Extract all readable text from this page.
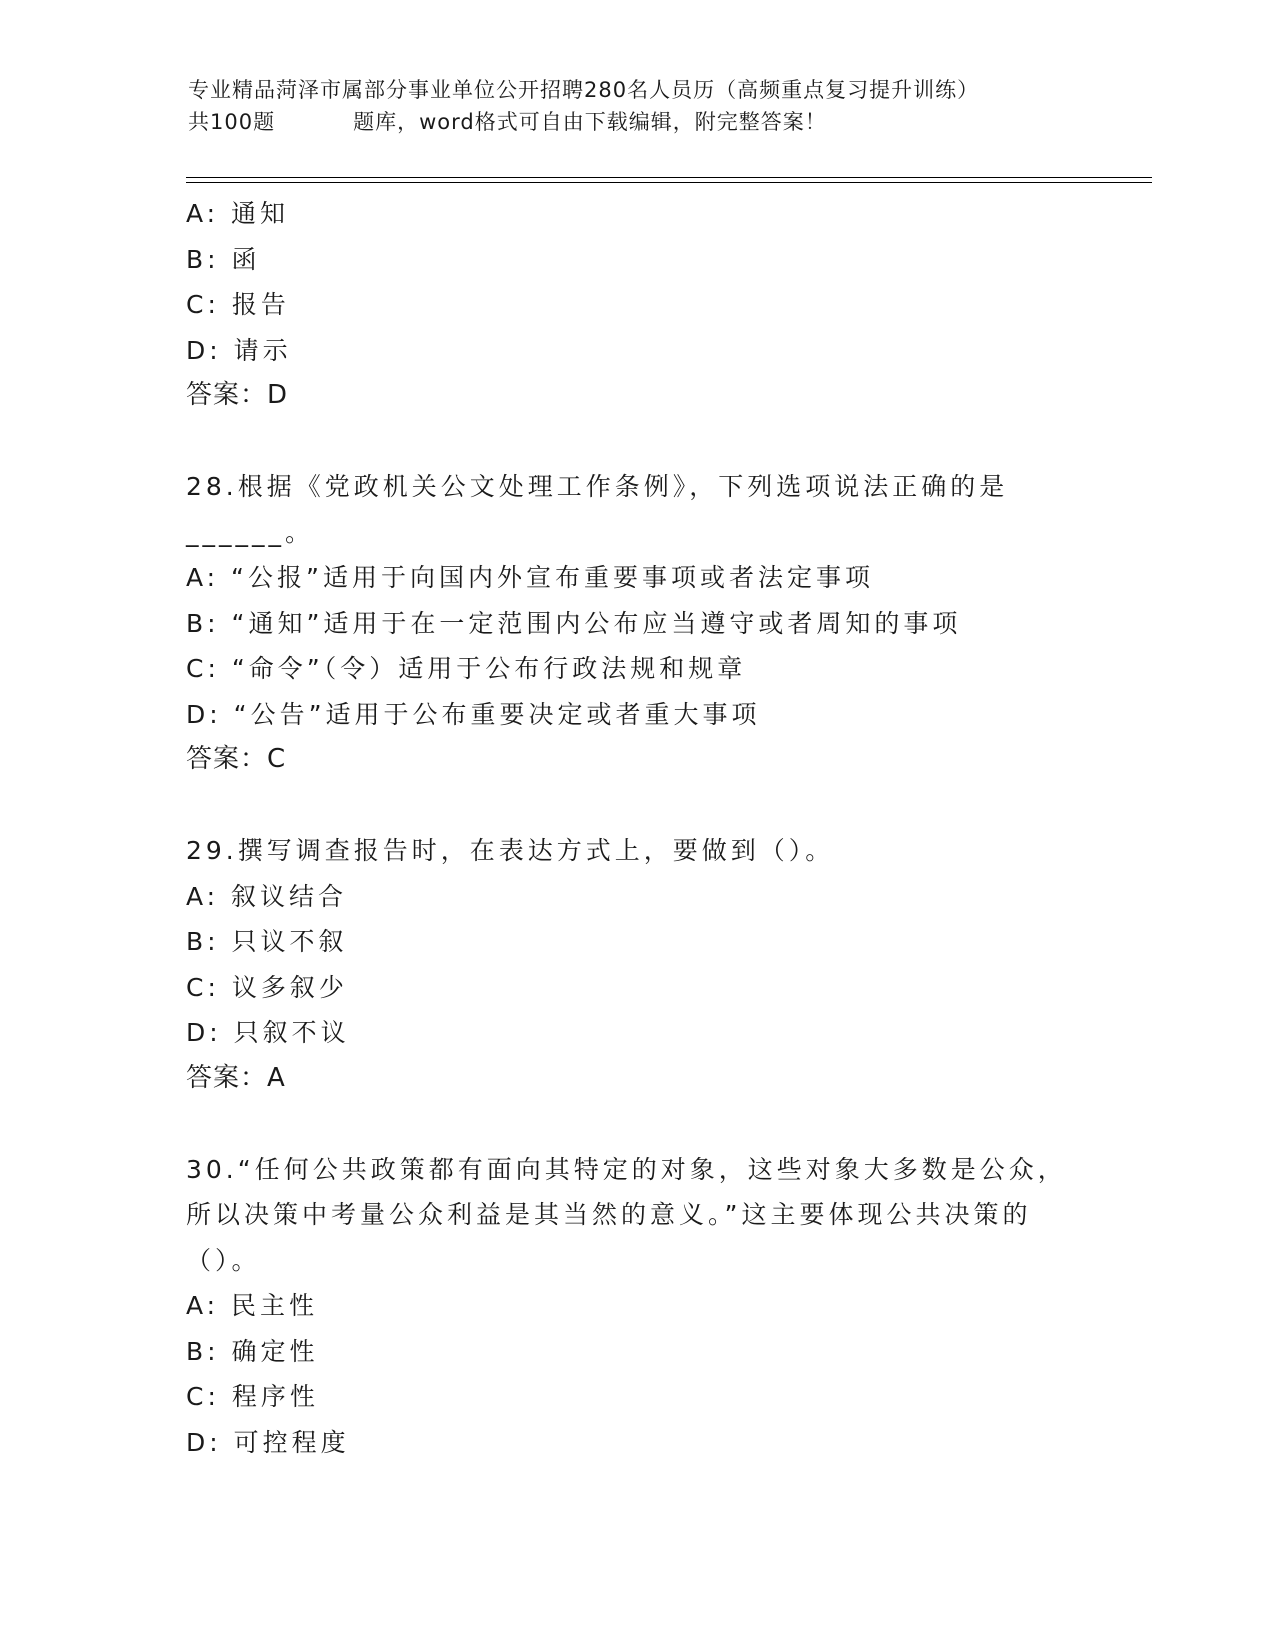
专业精品菏泽市属部分事业单位公开招聘280名人员历（高频重点复习提升训练）
共100题	题库，word格式可自由下载编辑，附完整答案！
A: 通知
B: 函
C: 报告
D: 请示
答案：D
28.根据《党政机关公文处理工作条例》，下列选项说法正确的是
______。
A: “公报”适用于向国内外宣布重要事项或者法定事项
B: “通知”适用于在一定范围内公布应当遵守或者周知的事项
C: “命令”（令）适用于公布行政法规和规章
D: “公告”适用于公布重要决定或者重大事项
答案：C
29.撰写调查报告时，在表达方式上，要做到（）。
A: 叙议结合
B: 只议不叙
C: 议多叙少
D: 只叙不议
答案：A
30.“任何公共政策都有面向其特定的对象，这些对象大多数是公众，
所以决策中考量公众利益是其当然的意义。”这主要体现公共决策的
（）。
A: 民主性
B: 确定性
C: 程序性
D: 可控程度
